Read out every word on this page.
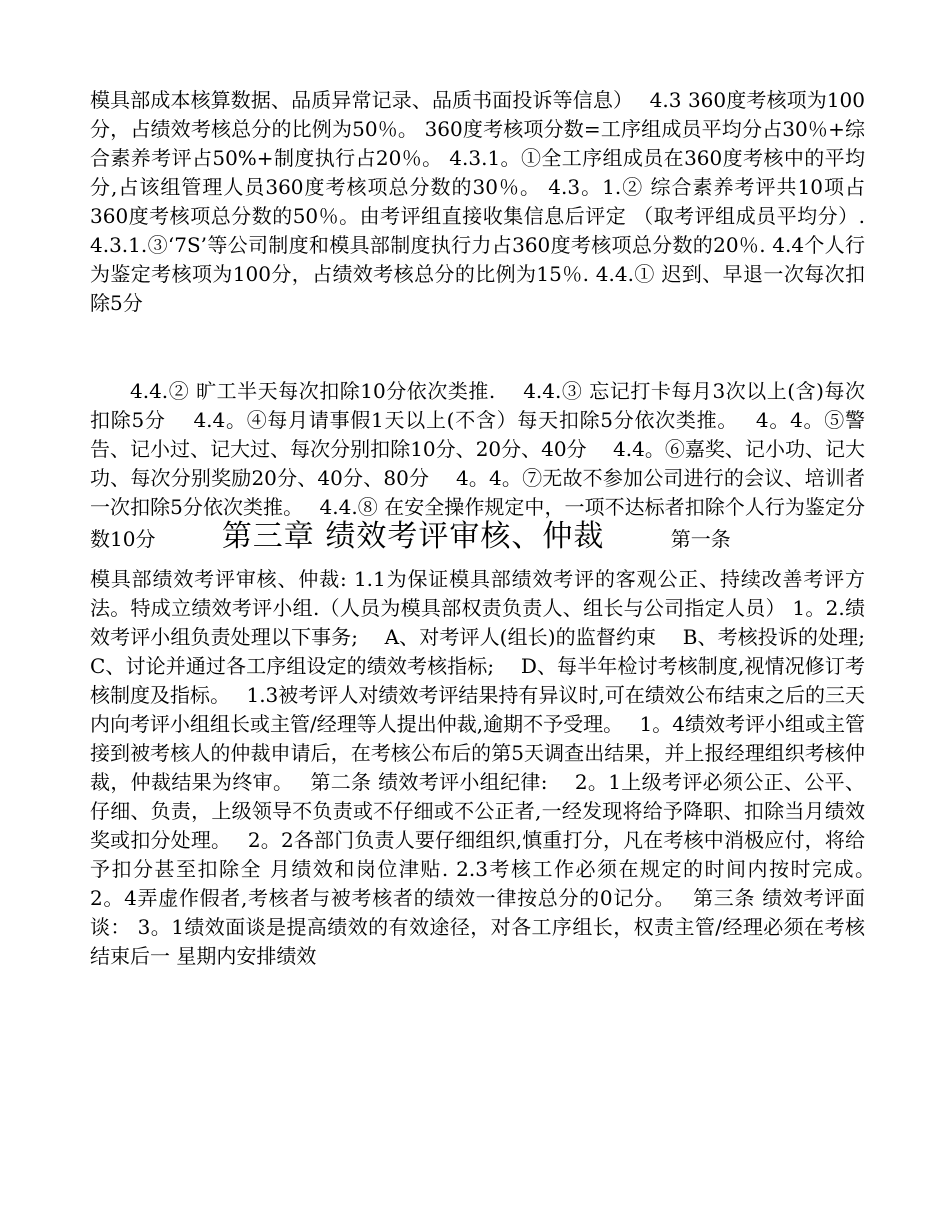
模具部成本核算数据、品质异常记录、品质书面投诉等信息）　 4.3 360度考核项为100分，占绩效考核总分的比例为50％。 360度考核项分数=工序组成员平均分占30％+综合素养考评占50%+制度执行占20％。 4.3.1。①全工序组成员在360度考核中的平均分,占该组管理人员360度考核项总分数的30％。 4.3。1.② 综合素养考评共10项占360度考核项总分数的50％。由考评组直接收集信息后评定 （取考评组成员平均分）. 4.3.1.③‘7S’等公司制度和模具部制度执行力占360度考核项总分数的20％. 4.4个人行为鉴定考核项为100分，占绩效考核总分的比例为15％. 4.4.① 迟到、早退一次每次扣除5分

4.4.② 旷工半天每次扣除10分依次类推.　 4.4.③ 忘记打卡每月3次以上(含)每次扣除5分　 4.4。④每月请事假1天以上(不含）每天扣除5分依次类推。　 4。4。⑤警告、记小过、记大过、每次分别扣除10分、20分、40分　 4.4。⑥嘉奖、记小功、记大功、每次分别奖励20分、40分、80分　 4。4。⑦无故不参加公司进行的会议、培训者一次扣除5分依次类推。　 4.4.⑧ 在安全操作规定中，一项不达标者扣除个人行为鉴定分数10分　　　 第三章 绩效考评审核、仲裁　　　	第一条

模具部绩效考评审核、仲裁: 1.1为保证模具部绩效考评的客观公正、持续改善考评方法。特成立绩效考评小组.（人员为模具部权责负责人、组长与公司指定人员） 1。2.绩效考评小组负责处理以下事务;　 A、对考评人(组长)的监督约束　 B、考核投诉的处理;　 C、讨论并通过各工序组设定的绩效考核指标;　 D、每半年检讨考核制度,视情况修订考核制度及指标。　 1.3被考评人对绩效考评结果持有异议时,可在绩效公布结束之后的三天内向考评小组组长或主管/经理等人提出仲裁,逾期不予受理。　 1。4绩效考评小组或主管接到被考核人的仲裁申请后，在考核公布后的第5天调查出结果，并上报经理组织考核仲裁，仲裁结果为终审。　 第二条 绩效考评小组纪律:　 2。1上级考评必须公正、公平、仔细、负责，上级领导不负责或不仔细或不公正者,一经发现将给予降职、扣除当月绩效奖或扣分处理。　 2。2各部门负责人要仔细组织,慎重打分，凡在考核中消极应付，将给予扣分甚至扣除全 月绩效和岗位津贴. 2.3考核工作必须在规定的时间内按时完成。　 2。4弄虚作假者,考核者与被考核者的绩效一律按总分的0记分。　 第三条 绩效考评面谈： 3。1绩效面谈是提高绩效的有效途径，对各工序组长，权责主管/经理必须在考核结束后一 星期内安排绩效
